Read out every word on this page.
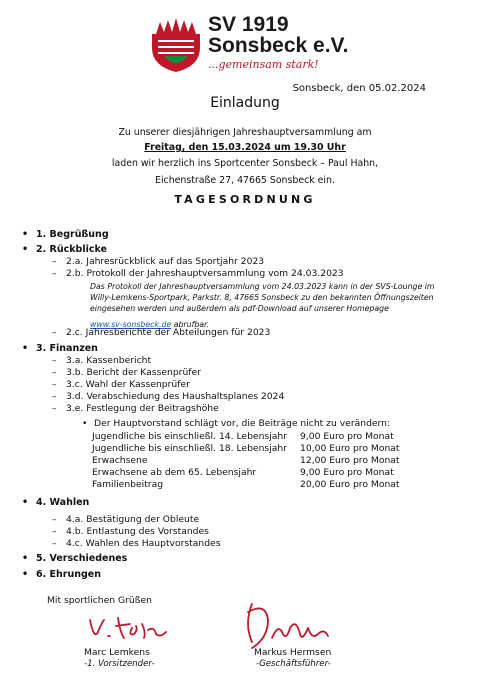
SV 1919
Sonsbeck e.V.
...gemeinsam stark!
Sonsbeck, den 05.02.2024
Einladung
Zu unserer diesjährigen Jahreshauptversammlung am
Freitag, den 15.03.2024 um 19.30 Uhr
laden wir herzlich ins Sportcenter Sonsbeck – Paul Hahn,
Eichenstraße 27, 47665 Sonsbeck ein.
TAGESORDNUNG
• 1. Begrüßung
• 2. Rückblicke
– 2.a. Jahresrückblick auf das Sportjahr 2023
– 2.b. Protokoll der Jahreshauptversammlung vom 24.03.2023
Das Protokoll der Jahreshauptversammlung vom 24.03.2023 kann in der SVS-Lounge im
Willy-Lemkens-Sportpark, Parkstr. 8, 47665 Sonsbeck zu den bekannten Öffnungszeiten
eingesehen werden und außerdem als pdf-Download auf unserer Homepage
www.sv-sonsbeck.de abrufbar.
– 2.c. Jahresberichte der Abteilungen für 2023
• 3. Finanzen
– 3.a. Kassenbericht
– 3.b. Bericht der Kassenprüfer
– 3.c. Wahl der Kassenprüfer
– 3.d. Verabschiedung des Haushaltsplanes 2024
– 3.e. Festlegung der Beitragshöhe
• Der Hauptvorstand schlägt vor, die Beiträge nicht zu verändern:
Jugendliche bis einschließl. 14. Lebensjahr	9,00 Euro pro Monat
Jugendliche bis einschließl. 18. Lebensjahr	10,00 Euro pro Monat
Erwachsene	12,00 Euro pro Monat
Erwachsene ab dem 65. Lebensjahr	9,00 Euro pro Monat
Familienbeitrag	20,00 Euro pro Monat
• 4. Wahlen
– 4.a. Bestätigung der Obleute
– 4.b. Entlastung des Vorstandes
– 4.c. Wahlen des Hauptvorstandes
• 5. Verschiedenes
• 6. Ehrungen
Mit sportlichen Grüßen
Marc Lemkens
-1. Vorsitzender-
Markus Hermsen
-Geschäftsführer-
